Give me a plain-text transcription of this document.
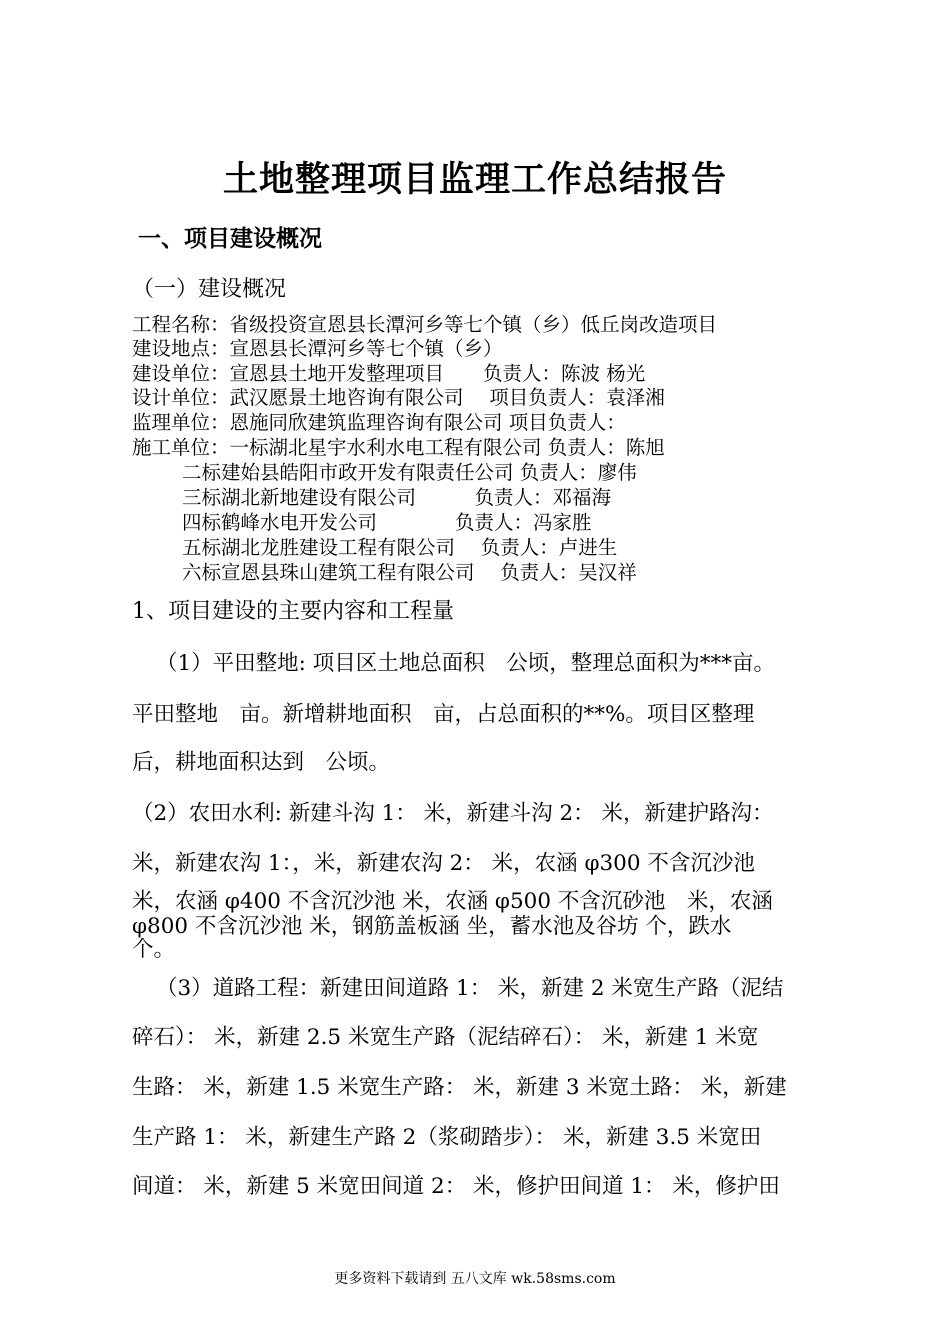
土地整理项目监理工作总结报告
一、项目建设概况
（一）建设概况
工程名称：省级投资宣恩县长潭河乡等七个镇（乡）低丘岗改造项目
建设地点：宣恩县长潭河乡等七个镇（乡）
建设单位：宣恩县土地开发整理项目　　负责人：陈波 杨光
设计单位：武汉愿景土地咨询有限公司　 项目负责人：袁泽湘
监理单位：恩施同欣建筑监理咨询有限公司 项目负责人：
施工单位：一标湖北星宇水利水电工程有限公司 负责人：陈旭
二标建始县皓阳市政开发有限责任公司 负责人：廖伟
三标湖北新地建设有限公司　　　负责人：邓福海
四标鹤峰水电开发公司　　　　负责人：冯家胜
五标湖北龙胜建设工程有限公司　 负责人：卢进生
六标宣恩县珠山建筑工程有限公司　 负责人：吴汉祥
1、项目建设的主要内容和工程量
（1）平田整地: 项目区土地总面积　公顷，整理总面积为***亩。
平田整地　亩。新增耕地面积　亩，占总面积的**%。项目区整理
后，耕地面积达到　公顷。
（2）农田水利: 新建斗沟 1： 米，新建斗沟 2： 米，新建护路沟：
米，新建农沟 1：，米，新建农沟 2： 米，农涵 φ300 不含沉沙池
米，农涵 φ400 不含沉沙池 米，农涵 φ500 不含沉砂池　米，农涵
φ800 不含沉沙池 米，钢筋盖板涵 坐，蓄水池及谷坊 个，跌水
个。
（3）道路工程：新建田间道路 1： 米，新建 2 米宽生产路（泥结
碎石）： 米，新建 2.5 米宽生产路（泥结碎石）： 米，新建 1 米宽
生路： 米，新建 1.5 米宽生产路： 米，新建 3 米宽土路： 米，新建
生产路 1： 米，新建生产路 2（浆砌踏步）： 米，新建 3.5 米宽田
间道： 米，新建 5 米宽田间道 2： 米，修护田间道 1： 米，修护田
更多资料下载请到 五八文库 wk.58sms.com
